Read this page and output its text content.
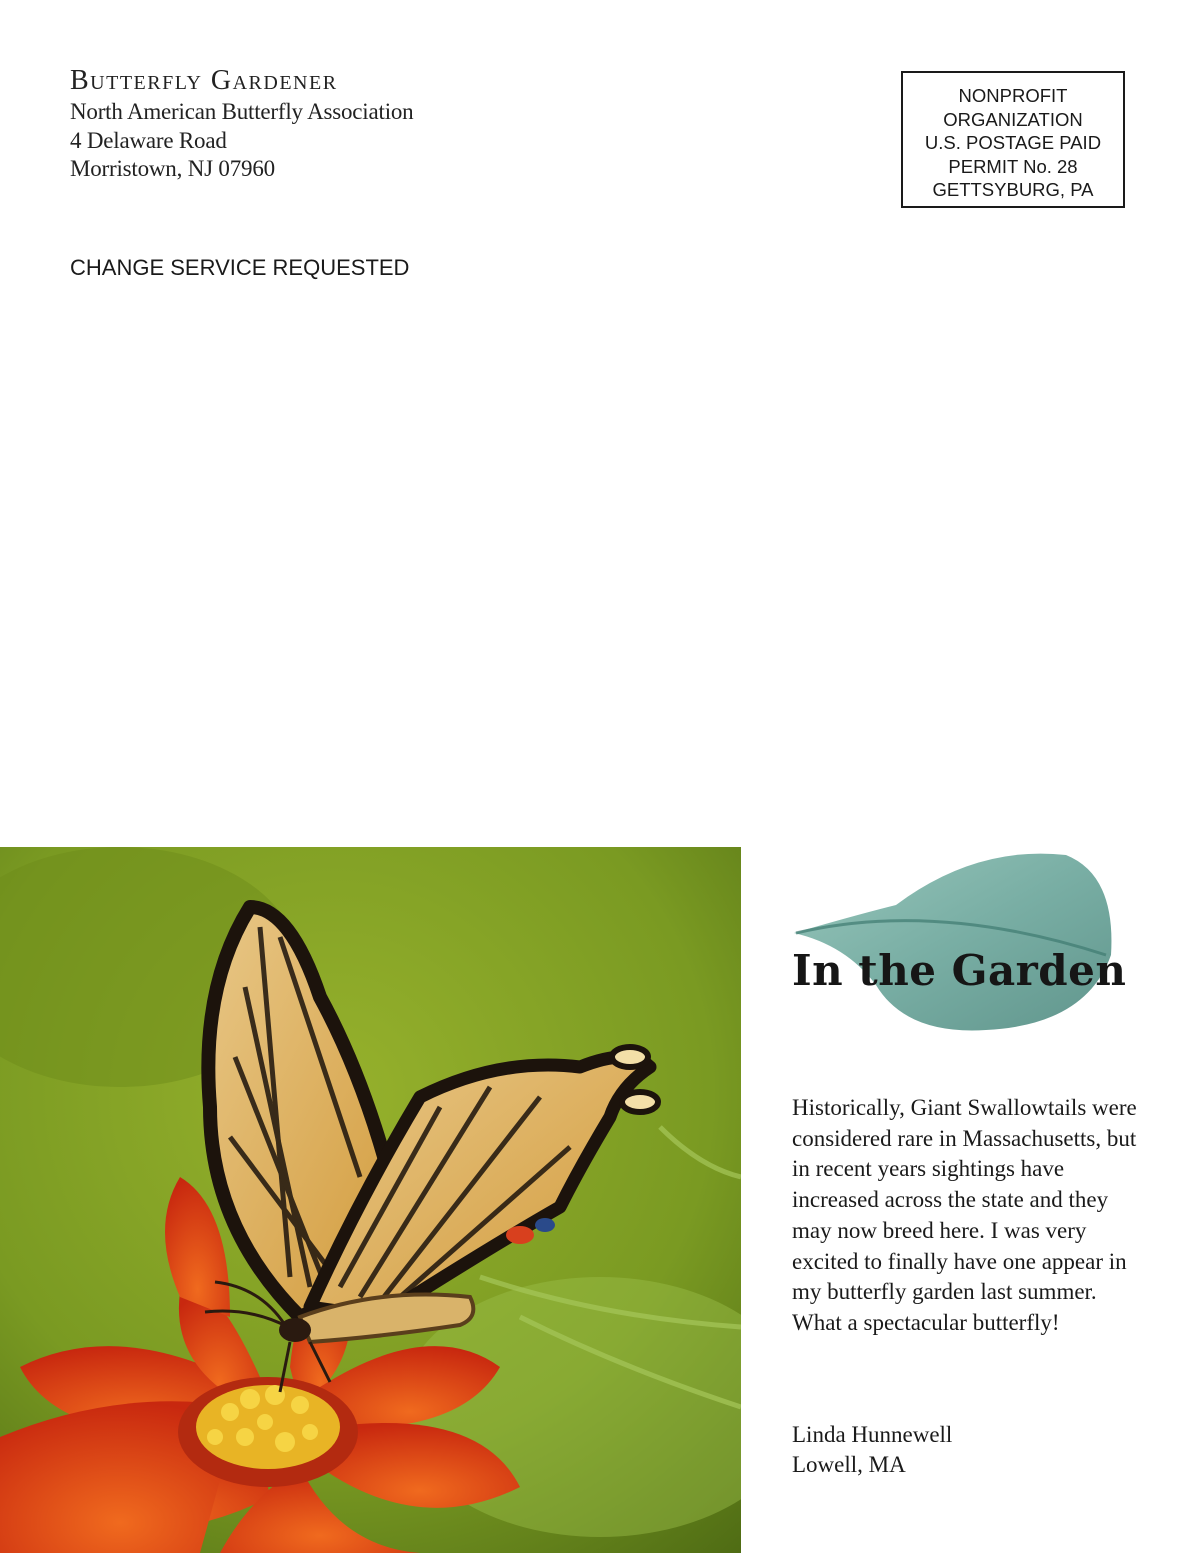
Butterfly Gardener
North American Butterfly Association
4 Delaware Road
Morristown, NJ 07960
NONPROFIT
ORGANIZATION
U.S. POSTAGE PAID
PERMIT No. 28
GETTSYBURG, PA
CHANGE SERVICE REQUESTED
In the Garden

Historically, Giant Swallowtails were considered rare in Massachusetts, but in recent years sightings have increased across the state and they may now breed here. I was very excited to finally have one appear in my butterfly garden last summer. What a spectacular butterfly!

Linda Hunnewell
Lowell, MA
